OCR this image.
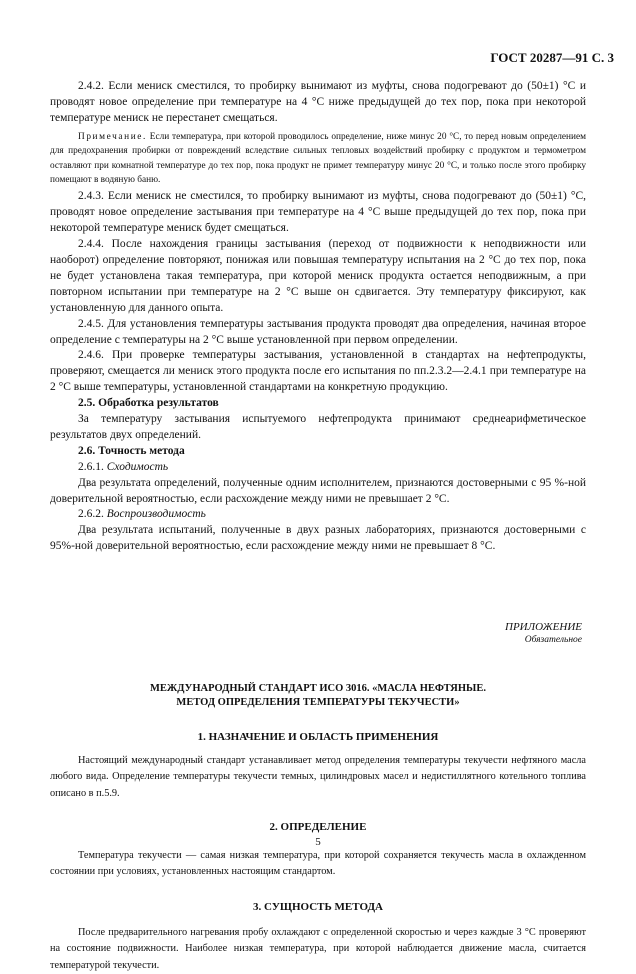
ГОСТ 20287—91 С. 3

2.4.2. Если мениск сместился, то пробирку вынимают из муфты, снова подогревают до (50±1) °С и проводят новое определение при температуре на 4 °С ниже предыдущей до тех пор, пока при некоторой температуре мениск не перестанет смещаться.

Примечание. Если температура, при которой проводилось определение, ниже минус 20 °С, то перед новым определением для предохранения пробирки от повреждений вследствие сильных тепловых воздействий пробирку с продуктом и термометром оставляют при комнатной температуре до тех пор, пока продукт не примет температуру минус 20 °С, и только после этого пробирку помещают в водяную баню.

2.4.3. Если мениск не сместился, то пробирку вынимают из муфты, снова подогревают до (50±1) °С, проводят новое определение застывания при температуре на 4 °С выше предыдущей до тех пор, пока при некоторой температуре мениск будет смещаться.

2.4.4. После нахождения границы застывания (переход от подвижности к неподвижности или наоборот) определение повторяют, понижая или повышая температуру испытания на 2 °С до тех пор, пока не будет установлена такая температура, при которой мениск продукта остается неподвижным, а при повторном испытании при температуре на 2 °С выше он сдвигается. Эту температуру фиксируют, как установленную для данного опыта.

2.4.5. Для установления температуры застывания продукта проводят два определения, начиная второе определение с температуры на 2 °С выше установленной при первом определении.

2.4.6. При проверке температуры застывания, установленной в стандартах на нефтепродукты, проверяют, смещается ли мениск этого продукта после его испытания по пп.2.3.2—2.4.1 при температуре на 2 °С выше температуры, установленной стандартами на конкретную продукцию.

2.5. Обработка результатов

За температуру застывания испытуемого нефтепродукта принимают среднеарифметическое результатов двух определений.

2.6. Точность метода

2.6.1. Сходимость

Два результата определений, полученные одним исполнителем, признаются достоверными с 95 %-ной доверительной вероятностью, если расхождение между ними не превышает 2 °С.

2.6.2. Воспроизводимость

Два результата испытаний, полученные в двух разных лабораториях, признаются достоверными с 95%-ной доверительной вероятностью, если расхождение между ними не превышает 8 °С.

ПРИЛОЖЕНИЕ
Обязательное
МЕЖДУНАРОДНЫЙ СТАНДАРТ ИСО 3016. «МАСЛА НЕФТЯНЫЕ.
МЕТОД ОПРЕДЕЛЕНИЯ ТЕМПЕРАТУРЫ ТЕКУЧЕСТИ»
1. НАЗНАЧЕНИЕ И ОБЛАСТЬ ПРИМЕНЕНИЯ

Настоящий международный стандарт устанавливает метод определения температуры текучести нефтяного масла любого вида. Определение температуры текучести темных, цилиндровых масел и недистиллятного котельного топлива описано в п.5.9.

2. ОПРЕДЕЛЕНИЕ

Температура текучести — самая низкая температура, при которой сохраняется текучесть масла в охлажденном состоянии при условиях, установленных настоящим стандартом.

3. СУЩНОСТЬ МЕТОДА

После предварительного нагревания пробу охлаждают с определенной скоростью и через каждые 3 °С проверяют на состояние подвижности. Наиболее низкая температура, при которой наблюдается движение масла, считается температурой текучести.

5
